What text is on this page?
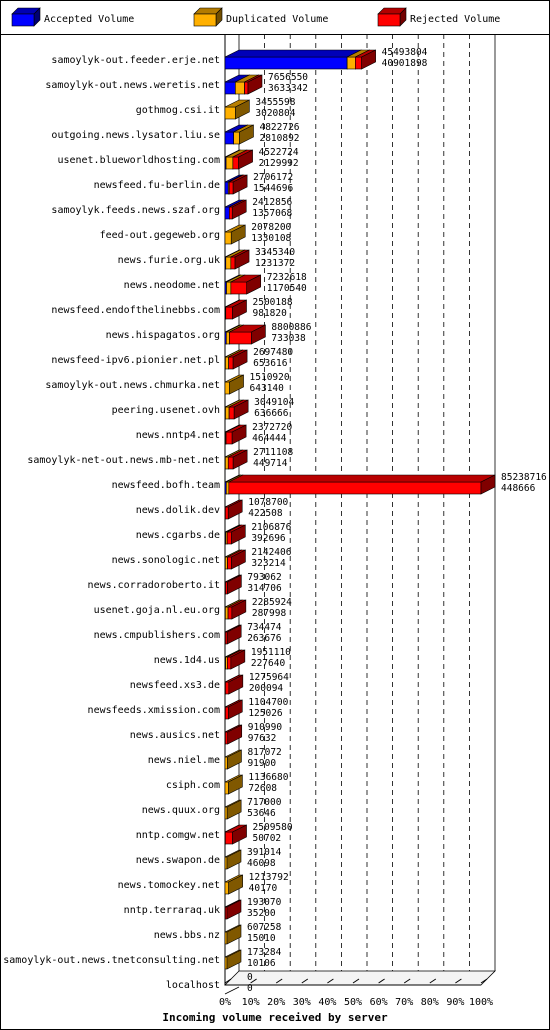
Accepted Volume	Duplicated Volume	Rejected Volume
samoylyk-out.feeder.erje.net
45493804
40901898
samoylyk-out.news.weretis.net
7656550
3633342
gothmog.csi.it
3455598
3020804
outgoing.news.lysator.liu.se
4822726
2810892
usenet.blueworldhosting.com
4522724
2129992
newsfeed.fu-berlin.de
2706172
1544696
samoylyk.feeds.news.szaf.org
2412856
1357068
feed-out.gegeweb.org
2078200
1330108
news.furie.org.uk
3345340
1231372
news.neodome.net
7232618
1170540
newsfeed.endofthelinebbs.com
2500188
981820
news.hispagatos.org
8800886
733038
newsfeed-ipv6.pionier.net.pl
2697480
653616
samoylyk-out.news.chmurka.net
1510920
643140
peering.usenet.ovh
3049104
636666
news.nntp4.net
2372720
464444
samoylyk-net-out.news.mb-net.net
2711108
449714
newsfeed.bofh.team
85238716
448666
news.dolik.dev
1078700
422508
news.cgarbs.de
2106876
392696
news.sonologic.net
2142406
323214
news.corradoroberto.it
793062
314706
usenet.goja.nl.eu.org
2285924
287998
news.cmpublishers.com
734474
263676
news.1d4.us
1951110
227640
newsfeed.xs3.de
1275964
200094
newsfeeds.xmission.com
1104700
125026
news.ausics.net
910990
97632
news.niel.me
817072
91900
csiph.com
1136680
72608
news.quux.org
717000
53646
nntp.comgw.net
2509580
50702
news.swapon.de
391014
46098
news.tomockey.net
1213792
40170
nntp.terraraq.uk
193070
35200
news.bbs.nz
607258
15010
samoylyk-out.news.tnetconsulting.net
173284
10106
localhost
0
0
0% 10% 20% 30% 40% 50% 60% 70% 80% 90% 100%
Incoming volume received by server
